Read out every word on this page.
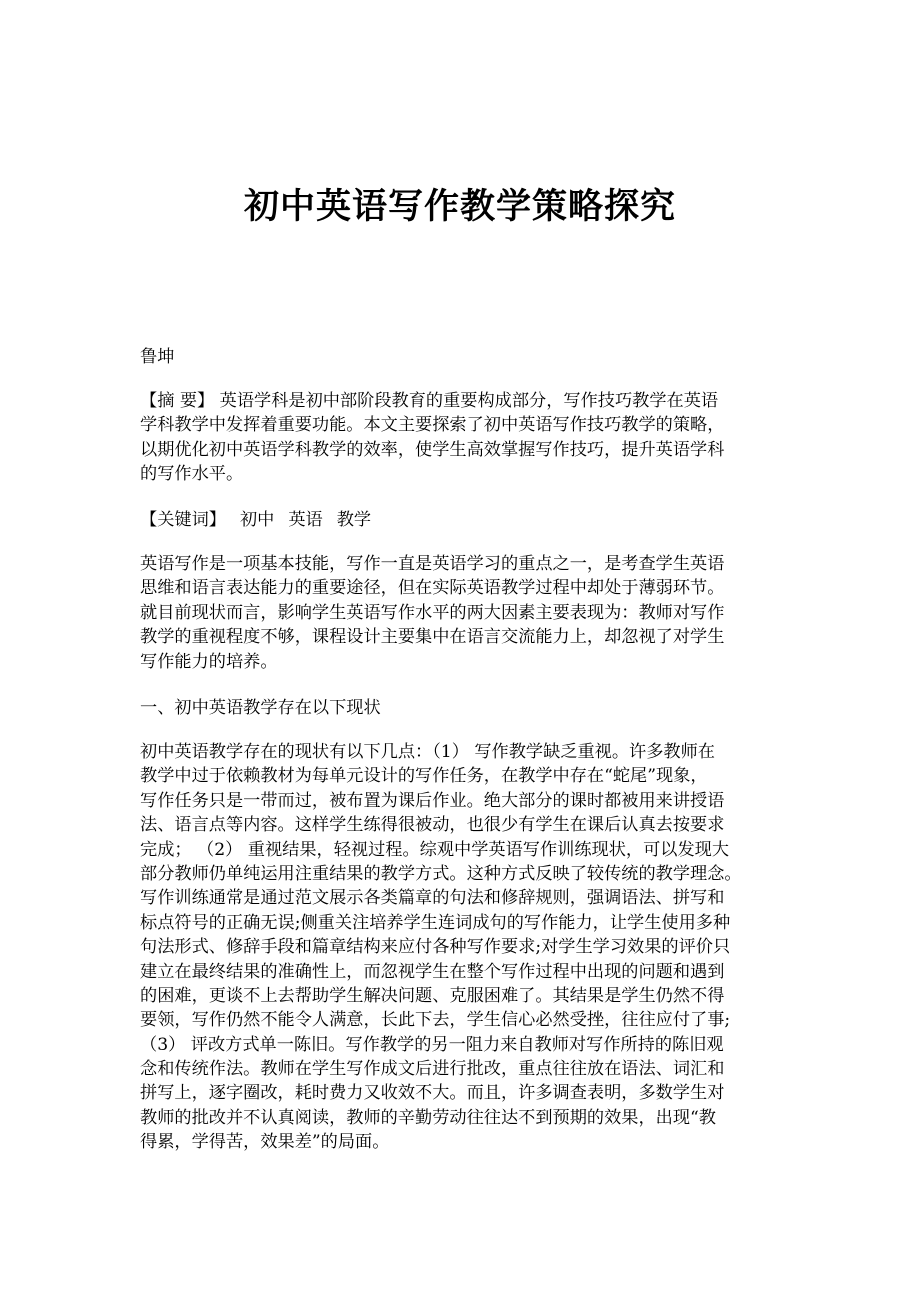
初中英语写作教学策略探究
鲁坤
【摘 要】 英语学科是初中部阶段教育的重要构成部分，写作技巧教学在英语
学科教学中发挥着重要功能。本文主要探索了初中英语写作技巧教学的策略，
以期优化初中英语学科教学的效率，使学生高效掌握写作技巧，提升英语学科
的写作水平。
【关键词】 初中 英语 教学
英语写作是一项基本技能，写作一直是英语学习的重点之一，是考查学生英语
思维和语言表达能力的重要途径，但在实际英语教学过程中却处于薄弱环节。
就目前现状而言，影响学生英语写作水平的两大因素主要表现为：教师对写作
教学的重视程度不够，课程设计主要集中在语言交流能力上，却忽视了对学生
写作能力的培养。
一、初中英语教学存在以下现状
初中英语教学存在的现状有以下几点：（1） 写作教学缺乏重视。许多教师在
教学中过于依赖教材为每单元设计的写作任务，在教学中存在“蛇尾”现象，
写作任务只是一带而过，被布置为课后作业。绝大部分的课时都被用来讲授语
法、语言点等内容。这样学生练得很被动，也很少有学生在课后认真去按要求
完成； （2） 重视结果，轻视过程。综观中学英语写作训练现状，可以发现大
部分教师仍单纯运用注重结果的教学方式。这种方式反映了较传统的教学理念。
写作训练通常是通过范文展示各类篇章的句法和修辞规则，强调语法、拼写和
标点符号的正确无误;侧重关注培养学生连词成句的写作能力，让学生使用多种
句法形式、修辞手段和篇章结构来应付各种写作要求;对学生学习效果的评价只
建立在最终结果的准确性上，而忽视学生在整个写作过程中出现的问题和遇到
的困难，更谈不上去帮助学生解决问题、克服困难了。其结果是学生仍然不得
要领，写作仍然不能令人满意，长此下去，学生信心必然受挫，往往应付了事;
（3） 评改方式单一陈旧。写作教学的另一阻力来自教师对写作所持的陈旧观
念和传统作法。教师在学生写作成文后进行批改，重点往往放在语法、词汇和
拼写上，逐字圈改，耗时费力又收效不大。而且，许多调查表明，多数学生对
教师的批改并不认真阅读，教师的辛勤劳动往往达不到预期的效果，出现“教
得累，学得苦，效果差”的局面。
